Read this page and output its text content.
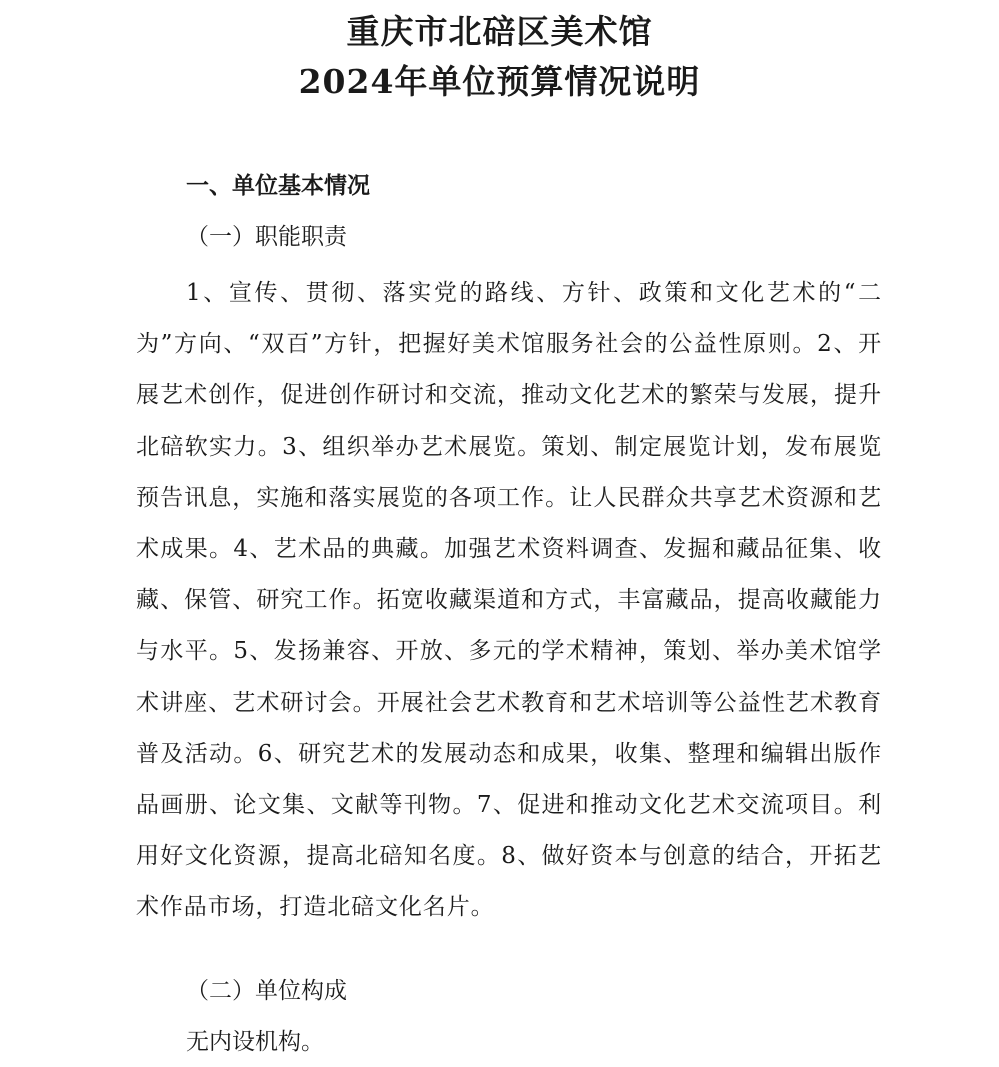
重庆市北碚区美术馆
2024年单位预算情况说明
一、单位基本情况
（一）职能职责
1、宣传、贯彻、落实党的路线、方针、政策和文化艺术的“二为”方向、“双百”方针，把握好美术馆服务社会的公益性原则。2、开展艺术创作，促进创作研讨和交流，推动文化艺术的繁荣与发展，提升北碚软实力。3、组织举办艺术展览。策划、制定展览计划，发布展览预告讯息，实施和落实展览的各项工作。让人民群众共享艺术资源和艺术成果。4、艺术品的典藏。加强艺术资料调查、发掘和藏品征集、收藏、保管、研究工作。拓宽收藏渠道和方式，丰富藏品，提高收藏能力与水平。5、发扬兼容、开放、多元的学术精神，策划、举办美术馆学术讲座、艺术研讨会。开展社会艺术教育和艺术培训等公益性艺术教育普及活动。6、研究艺术的发展动态和成果，收集、整理和编辑出版作品画册、论文集、文献等刊物。7、促进和推动文化艺术交流项目。利用好文化资源，提高北碚知名度。8、做好资本与创意的结合，开拓艺术作品市场，打造北碚文化名片。
（二）单位构成
无内设机构。
